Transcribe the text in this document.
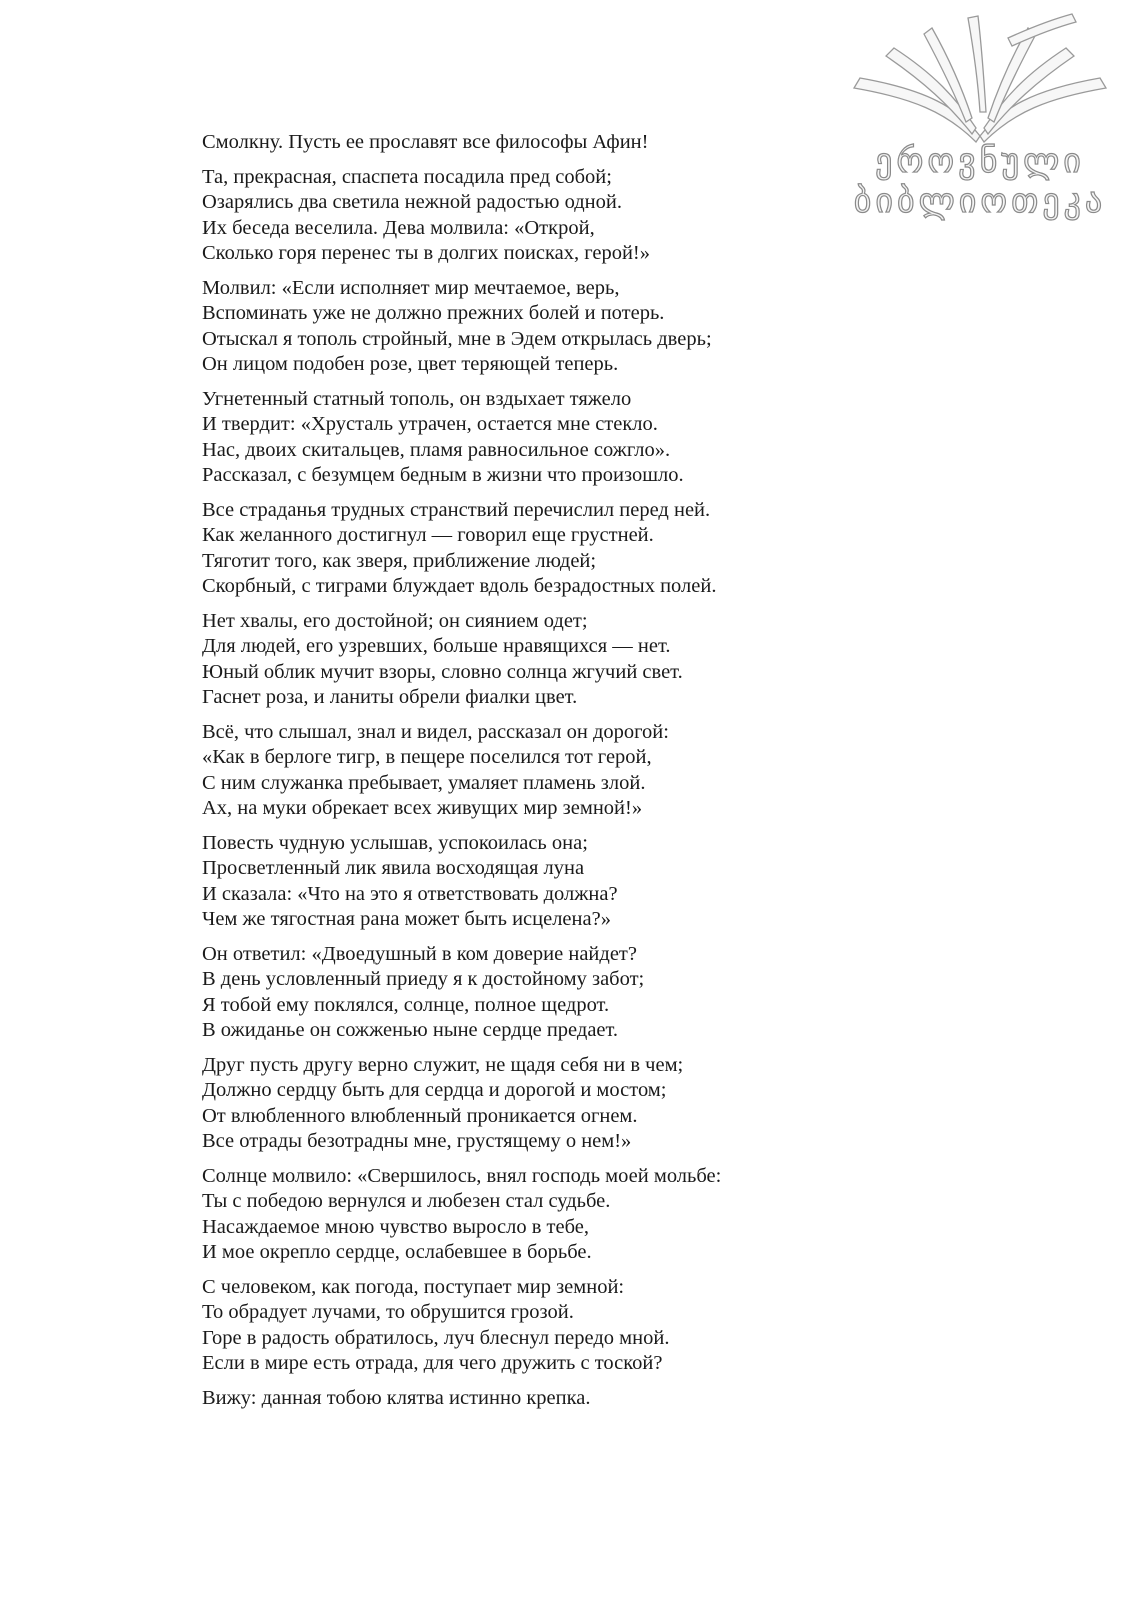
ეროვნული
ბიბლიოთეკა
Смолкну. Пусть ее прославят все философы Афин!
Та, прекрасная, спаспета посадила пред собой;
Озарялись два светила нежной радостью одной.
Их беседа веселила. Дева молвила: «Открой,
Сколько горя перенес ты в долгих поисках, герой!»
Молвил: «Если исполняет мир мечтаемое, верь,
Вспоминать уже не должно прежних болей и потерь.
Отыскал я тополь стройный, мне в Эдем открылась дверь;
Он лицом подобен розе, цвет теряющей теперь.
Угнетенный статный тополь, он вздыхает тяжело
И твердит: «Хрусталь утрачен, остается мне стекло.
Нас, двоих скитальцев, пламя равносильное сожгло».
Рассказал, с безумцем бедным в жизни что произошло.
Все страданья трудных странствий перечислил перед ней.
Как желанного достигнул — говорил еще грустней.
Тяготит того, как зверя, приближение людей;
Скорбный, с тиграми блуждает вдоль безрадостных полей.
Нет хвалы, его достойной; он сиянием одет;
Для людей, его узревших, больше нравящихся — нет.
Юный облик мучит взоры, словно солнца жгучий свет.
Гаснет роза, и ланиты обрели фиалки цвет.
Всё, что слышал, знал и видел, рассказал он дорогой:
«Как в берлоге тигр, в пещере поселился тот герой,
С ним служанка пребывает, умаляет пламень злой.
Ах, на муки обрекает всех живущих мир земной!»
Повесть чудную услышав, успокоилась она;
Просветленный лик явила восходящая луна
И сказала: «Что на это я ответствовать должна?
Чем же тягостная рана может быть исцелена?»
Он ответил: «Двоедушный в ком доверие найдет?
В день условленный приеду я к достойному забот;
Я тобой ему поклялся, солнце, полное щедрот.
В ожиданье он сожженью ныне сердце предает.
Друг пусть другу верно служит, не щадя себя ни в чем;
Должно сердцу быть для сердца и дорогой и мостом;
От влюбленного влюбленный проникается огнем.
Все отрады безотрадны мне, грустящему о нем!»
Солнце молвило: «Свершилось, внял господь моей мольбе:
Ты с победою вернулся и любезен стал судьбе.
Насаждаемое мною чувство выросло в тебе,
И мое окрепло сердце, ослабевшее в борьбе.
С человеком, как погода, поступает мир земной:
То обрадует лучами, то обрушится грозой.
Горе в радость обратилось, луч блеснул передо мной.
Если в мире есть отрада, для чего дружить с тоской?
Вижу: данная тобою клятва истинно крепка.
